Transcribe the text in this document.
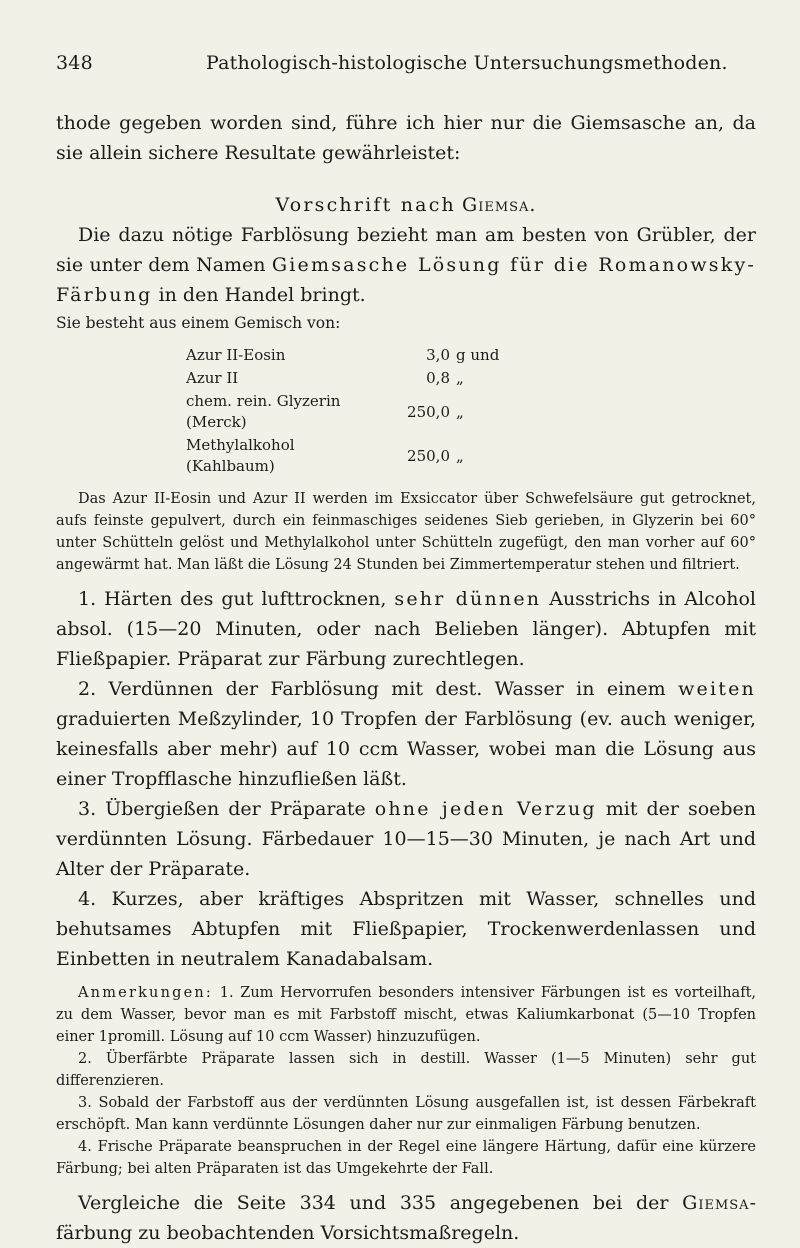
348	Pathologisch-histologische Untersuchungsmethoden.

thode gegeben worden sind, führe ich hier nur die Giemsasche an, da sie allein sichere Resultate gewährleistet:

Vorschrift nach Giemsa.

Die dazu nötige Farblösung bezieht man am besten von Grübler, der sie unter dem Namen Giemsasche Lösung für die Romanowsky-Färbung in den Handel bringt.

Sie besteht aus einem Gemisch von:

Azur II-Eosin	3,0	g und
Azur II	0,8	„
chem. rein. Glyzerin (Merck)	250,0	„
Methylalkohol (Kahlbaum)	250,0	„

Das Azur II-Eosin und Azur II werden im Exsiccator über Schwefelsäure gut getrocknet, aufs feinste gepulvert, durch ein feinmaschiges seidenes Sieb gerieben, in Glyzerin bei 60° unter Schütteln gelöst und Methylalkohol unter Schütteln zugefügt, den man vorher auf 60° angewärmt hat. Man läßt die Lösung 24 Stunden bei Zimmertemperatur stehen und filtriert.

1. Härten des gut lufttrocknen, sehr dünnen Ausstrichs in Alcohol absol. (15—20 Minuten, oder nach Belieben länger). Abtupfen mit Fließpapier. Präparat zur Färbung zurechtlegen.

2. Verdünnen der Farblösung mit dest. Wasser in einem weiten graduierten Meßzylinder, 10 Tropfen der Farblösung (ev. auch weniger, keinesfalls aber mehr) auf 10 ccm Wasser, wobei man die Lösung aus einer Tropfflasche hinzufließen läßt.

3. Übergießen der Präparate ohne jeden Verzug mit der soeben verdünnten Lösung. Färbedauer 10—15—30 Minuten, je nach Art und Alter der Präparate.

4. Kurzes, aber kräftiges Abspritzen mit Wasser, schnelles und behutsames Abtupfen mit Fließpapier, Trockenwerdenlassen und Einbetten in neutralem Kanadabalsam.

Anmerkungen: 1. Zum Hervorrufen besonders intensiver Färbungen ist es vorteilhaft, zu dem Wasser, bevor man es mit Farbstoff mischt, etwas Kaliumkarbonat (5—10 Tropfen einer 1promill. Lösung auf 10 ccm Wasser) hinzuzufügen.

2. Überfärbte Präparate lassen sich in destill. Wasser (1—5 Minuten) sehr gut differenzieren.

3. Sobald der Farbstoff aus der verdünnten Lösung ausgefallen ist, ist dessen Färbekraft erschöpft. Man kann verdünnte Lösungen daher nur zur einmaligen Färbung benutzen.

4. Frische Präparate beanspruchen in der Regel eine längere Härtung, dafür eine kürzere Färbung; bei alten Präparaten ist das Umgekehrte der Fall.

Vergleiche die Seite 334 und 335 angegebenen bei der Giemsa-färbung zu beobachtenden Vorsichtsmaßregeln.
